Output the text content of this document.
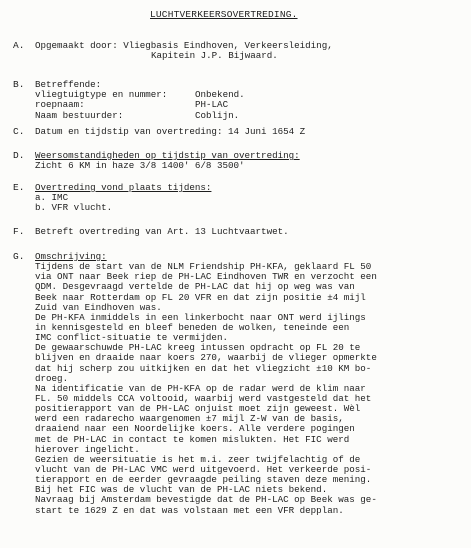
LUCHTVERKEERSOVERTREDING.
A. Opgemaakt door: Vliegbasis Eindhoven, Verkeersleiding,
Kapitein J.P. Bijwaard.
B. Betreffende:
vliegtuigtype en nummer:	Onbekend.
roepnaam:	PH-LAC
Naam bestuurder:	Coblijn.
C. Datum en tijdstip van overtreding: 14 Juni 1654 Z
D. Weersomstandigheden op tijdstip van overtreding:
Zicht 6 KM in haze 3/8 1400' 6/8 3500'
E. Overtreding vond plaats tijdens:
a. IMC
b. VFR vlucht.
F. Betreft overtreding van Art. 13 Luchtvaartwet.
G. Omschrijving:
Tijdens de start van de NLM Friendship PH-KFA, geklaard FL 50
via ONT naar Beek riep de PH-LAC Eindhoven TWR en verzocht een
QDM. Desgevraagd vertelde de PH-LAC dat hij op weg was van
Beek naar Rotterdam op FL 20 VFR en dat zijn positie ±4 mijl
Zuid van Eindhoven was.
De PH-KFA inmiddels in een linkerbocht naar ONT werd ijlings
in kennisgesteld en bleef beneden de wolken, teneinde een
IMC conflict-situatie te vermijden.
De gewaarschuwde PH-LAC kreeg intussen opdracht op FL 20 te
blijven en draaide naar koers 270, waarbij de vlieger opmerkte
dat hij scherp zou uitkijken en dat het vliegzicht ±10 KM bo-
droeg.
Na identificatie van de PH-KFA op de radar werd de klim naar
FL. 50 middels CCA voltooid, waarbij werd vastgesteld dat het
positierapport van de PH-LAC onjuist moet zijn geweest. Wèl
werd een radarecho waargenomen ±7 mijl Z-W van de basis,
draaiend naar een Noordelijke koers. Alle verdere pogingen
met de PH-LAC in contact te komen mislukten. Het FIC werd
hierover ingelicht.
Gezien de weersituatie is het m.i. zeer twijfelachtig of de
vlucht van de PH-LAC VMC werd uitgevoerd. Het verkeerde posi-
tierapport en de eerder gevraagde peiling staven deze mening.
Bij het FIC was de vlucht van de PH-LAC niets bekend.
Navraag bij Amsterdam bevestigde dat de PH-LAC op Beek was ge-
start te 1629 Z en dat was volstaan met een VFR depplan.
